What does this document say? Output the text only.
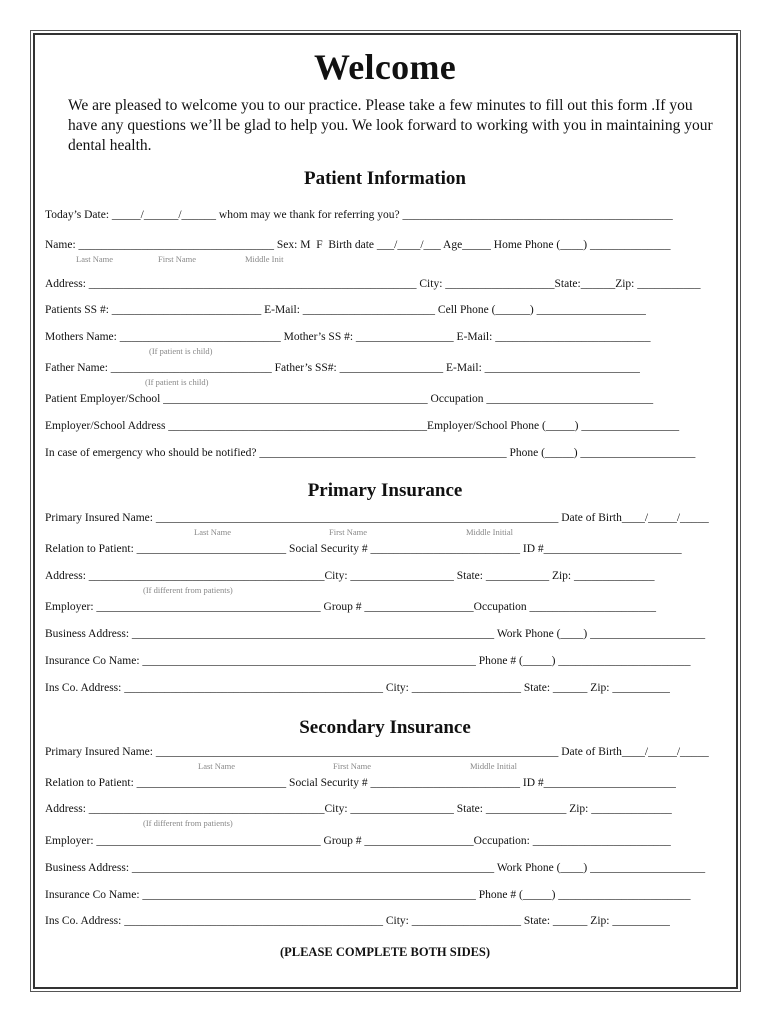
Welcome
We are pleased to welcome you to our practice. Please take a few minutes to fill out this form .If you have any questions we’ll be glad to help you. We look forward to working with you in maintaining your dental health.
Patient Information
Today’s Date: _____/______/______ whom may we thank for referring you? _______________________________________________
Name: __________________________________ Sex: M  F  Birth date ___/____/___ Age_____ Home Phone (____) ______________
Last Name	First Name	Middle Init
Address: _________________________________________________________ City: ___________________State:______Zip: ___________
Patients SS #: __________________________ E-Mail: _______________________ Cell Phone (______) ___________________
Mothers Name: ____________________________ Mother’s SS #: _________________ E-Mail: ___________________________
(If patient is child)
Father Name: ____________________________ Father’s SS#: __________________ E-Mail: ___________________________
(If patient is child)
Patient Employer/School ______________________________________________ Occupation _____________________________
Employer/School Address _____________________________________________Employer/School Phone (_____) _________________
In case of emergency who should be notified? ___________________________________________ Phone (_____) ____________________
Primary Insurance
Primary Insured Name: ______________________________________________________________________ Date of Birth____/_____/_____
Last Name	First Name	Middle Initial
Relation to Patient: __________________________ Social Security # __________________________ ID #________________________
Address: _________________________________________City: __________________ State: ___________ Zip: ______________
(If different from patients)
Employer: _______________________________________ Group # ___________________Occupation ______________________
Business Address: _______________________________________________________________ Work Phone (____) ____________________
Insurance Co Name: __________________________________________________________ Phone # (_____) _______________________
Ins Co. Address: _____________________________________________ City: ___________________ State: ______ Zip: __________
Secondary Insurance
Primary Insured Name: ______________________________________________________________________ Date of Birth____/_____/_____
Last Name	First Name	Middle Initial
Relation to Patient: __________________________ Social Security # __________________________ ID #_______________________
Address: _________________________________________City: __________________ State: ______________ Zip: ______________
(If different from patients)
Employer: _______________________________________ Group # ___________________Occupation: ________________________
Business Address: _______________________________________________________________ Work Phone (____) ____________________
Insurance Co Name: __________________________________________________________ Phone # (_____) _______________________
Ins Co. Address: _____________________________________________ City: ___________________ State: ______ Zip: __________
(PLEASE COMPLETE BOTH SIDES)
